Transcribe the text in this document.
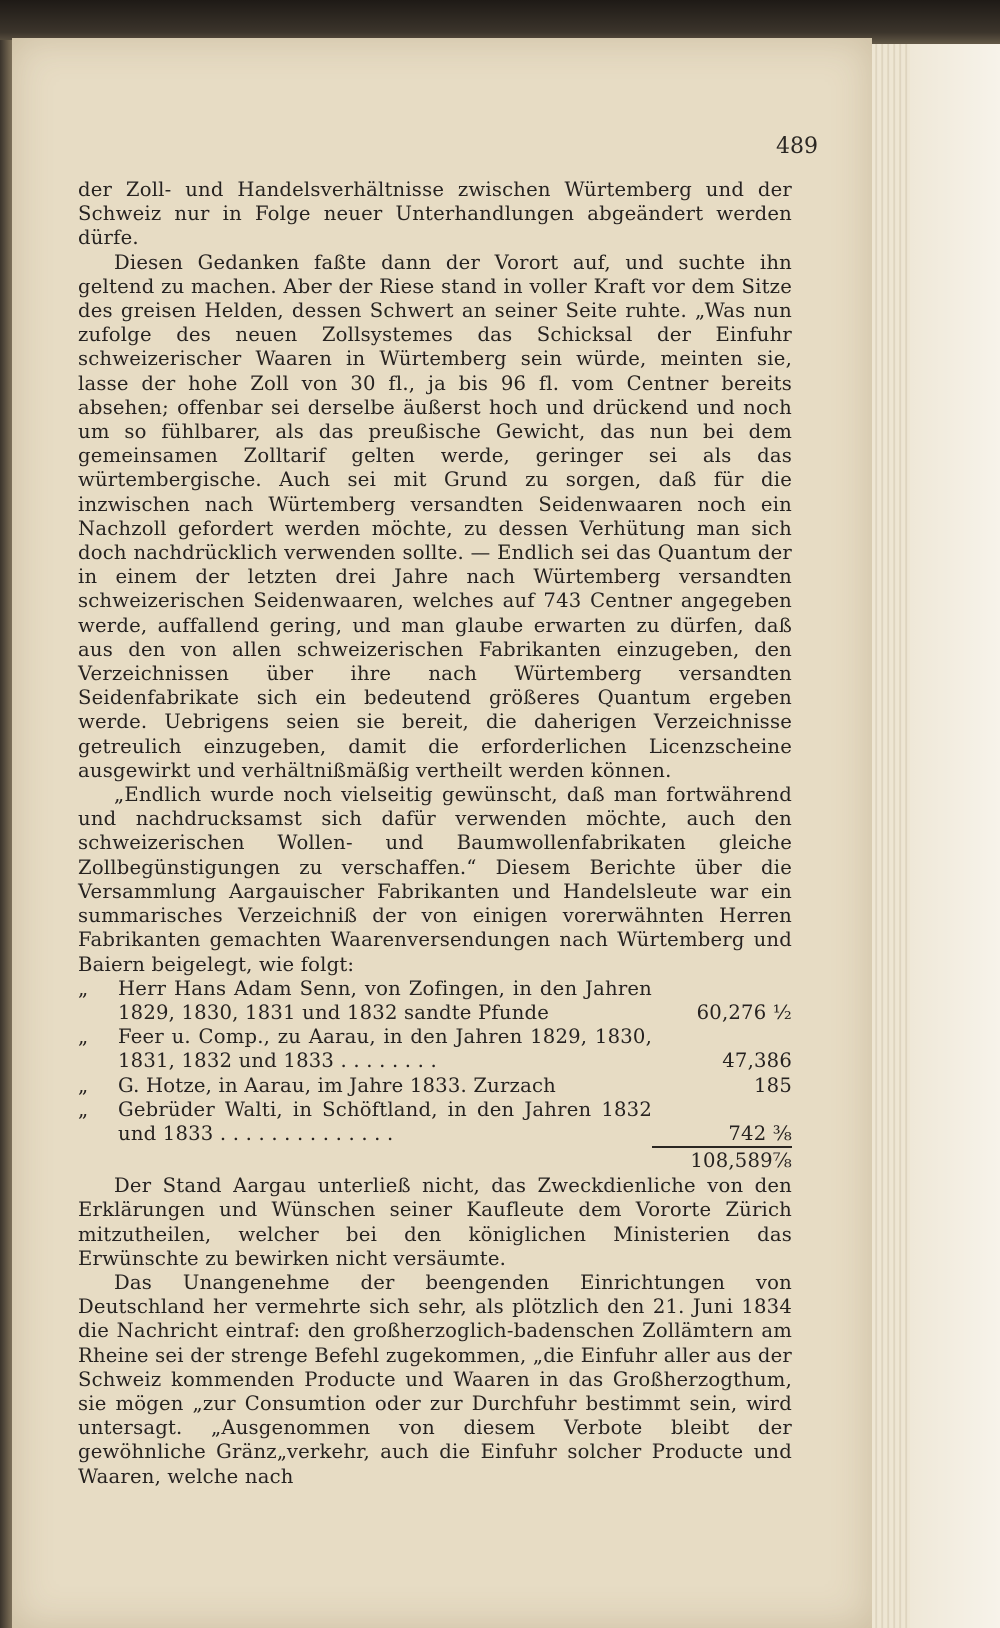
489

der Zoll- und Handelsverhältnisse zwischen Würtemberg und der Schweiz nur in Folge neuer Unterhandlungen abgeändert werden dürfe.

Diesen Gedanken faßte dann der Vorort auf, und suchte ihn geltend zu machen. Aber der Riese stand in voller Kraft vor dem Sitze des greisen Helden, dessen Schwert an seiner Seite ruhte. „Was nun zufolge des neuen Zollsystemes das Schicksal der Einfuhr schweizerischer Waaren in Würtemberg sein würde, meinten sie, lasse der hohe Zoll von 30 fl., ja bis 96 fl. vom Centner bereits absehen; offenbar sei derselbe äußerst hoch und drückend und noch um so fühlbarer, als das preußische Gewicht, das nun bei dem gemeinsamen Zolltarif gelten werde, geringer sei als das würtembergische. Auch sei mit Grund zu sorgen, daß für die inzwischen nach Würtemberg versandten Seidenwaaren noch ein Nachzoll gefordert werden möchte, zu dessen Verhütung man sich doch nachdrücklich verwenden sollte. — Endlich sei das Quantum der in einem der letzten drei Jahre nach Würtemberg versandten schweizerischen Seidenwaaren, welches auf 743 Centner angegeben werde, auffallend gering, und man glaube erwarten zu dürfen, daß aus den von allen schweizerischen Fabrikanten einzugeben, den Verzeichnissen über ihre nach Würtemberg versandten Seidenfabrikate sich ein bedeutend größeres Quantum ergeben werde. Uebrigens seien sie bereit, die daherigen Verzeichnisse getreulich einzugeben, damit die erforderlichen Licenzscheine ausgewirkt und verhältnißmäßig vertheilt werden können.

„Endlich wurde noch vielseitig gewünscht, daß man fortwährend und nachdrucksamst sich dafür verwenden möchte, auch den schweizerischen Wollen- und Baumwollenfabrikaten gleiche Zollbegünstigungen zu verschaffen.“ Diesem Berichte über die Versammlung Aargauischer Fabrikanten und Handelsleute war ein summarisches Verzeichniß der von einigen vorerwähnten Herren Fabrikanten gemachten Waarenversendungen nach Würtemberg und Baiern beigelegt, wie folgt:

„	Herr Hans Adam Senn, von Zofingen, in den Jahren 1829, 1830, 1831 und 1832 sandte Pfunde	60,276 ½
„	Feer u. Comp., zu Aarau, in den Jahren 1829, 1830, 1831, 1832 und 1833 . . . . . . . .	47,386
„	G. Hotze, in Aarau, im Jahre 1833. Zurzach	185
„	Gebrüder Walti, in Schöftland, in den Jahren 1832 und 1833 . . . . . . . . . . . . . .	742 ⅜
108,589⅞

Der Stand Aargau unterließ nicht, das Zweckdienliche von den Erklärungen und Wünschen seiner Kaufleute dem Vororte Zürich mitzutheilen, welcher bei den königlichen Ministerien das Erwünschte zu bewirken nicht versäumte.

Das Unangenehme der beengenden Einrichtungen von Deutschland her vermehrte sich sehr, als plötzlich den 21. Juni 1834 die Nachricht eintraf: den großherzoglich-badenschen Zollämtern am Rheine sei der strenge Befehl zugekommen, „die Einfuhr aller aus der Schweiz kommenden Producte und Waaren in das Großherzogthum, sie mögen „zur Consumtion oder zur Durchfuhr bestimmt sein, wird untersagt. „Ausgenommen von diesem Verbote bleibt der gewöhnliche Gränz„verkehr, auch die Einfuhr solcher Producte und Waaren, welche nach
